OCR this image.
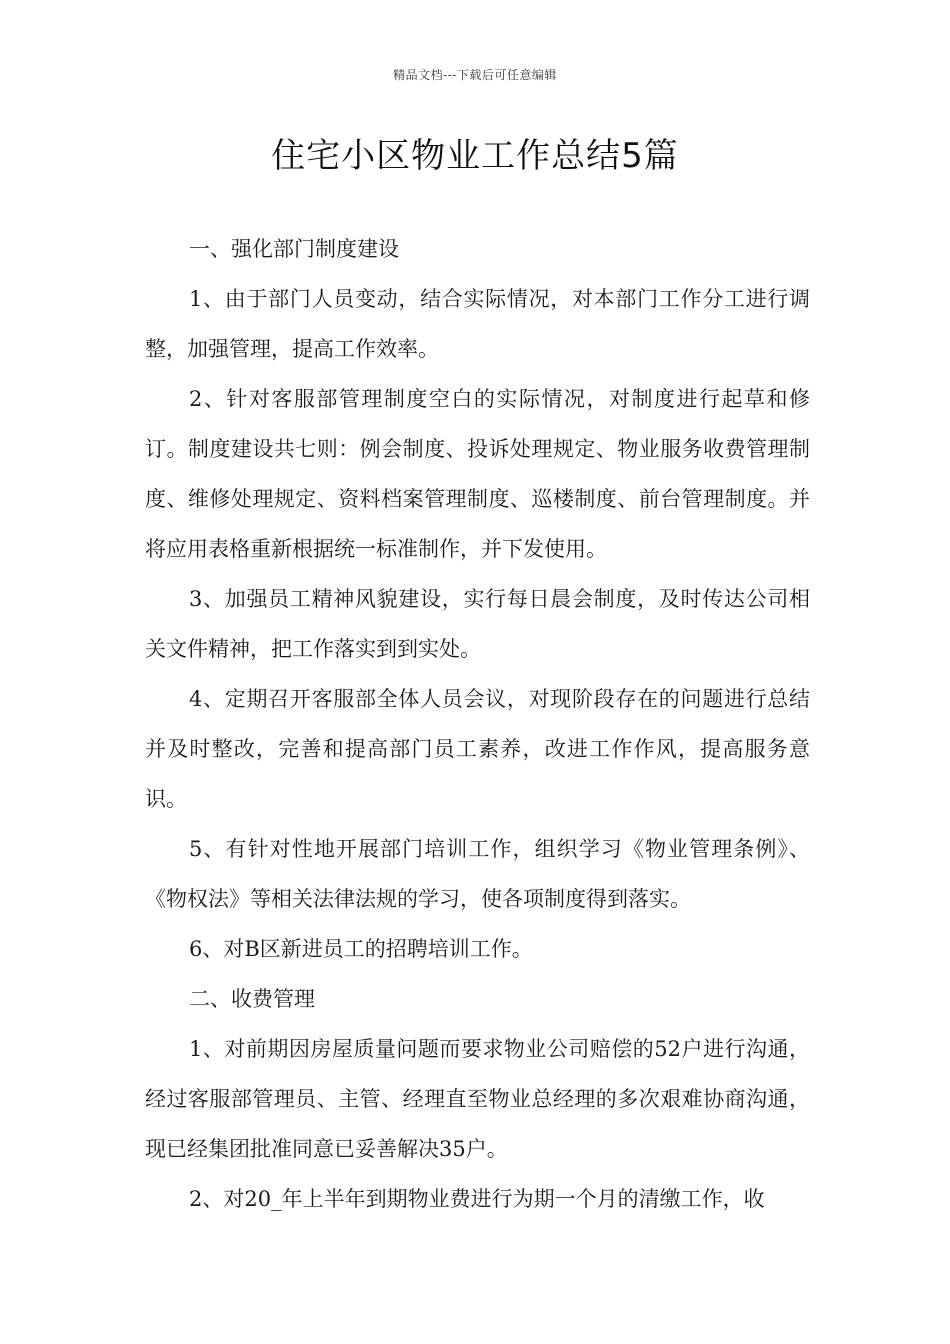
精品文档---下载后可任意编辑
住宅小区物业工作总结5篇

一、强化部门制度建设

1、由于部门人员变动，结合实际情况，对本部门工作分工进行调整，加强管理，提高工作效率。

2、针对客服部管理制度空白的实际情况，对制度进行起草和修订。制度建设共七则：例会制度、投诉处理规定、物业服务收费管理制度、维修处理规定、资料档案管理制度、巡楼制度、前台管理制度。并将应用表格重新根据统一标准制作，并下发使用。

3、加强员工精神风貌建设，实行每日晨会制度，及时传达公司相关文件精神，把工作落实到到实处。

4、定期召开客服部全体人员会议，对现阶段存在的问题进行总结并及时整改，完善和提高部门员工素养，改进工作作风，提高服务意识。

5、有针对性地开展部门培训工作，组织学习《物业管理条例》、《物权法》等相关法律法规的学习，使各项制度得到落实。

6、对B区新进员工的招聘培训工作。

二、收费管理

1、对前期因房屋质量问题而要求物业公司赔偿的52户进行沟通，经过客服部管理员、主管、经理直至物业总经理的多次艰难协商沟通，现已经集团批准同意已妥善解决35户。

2、对20_年上半年到期物业费进行为期一个月的清缴工作，收
